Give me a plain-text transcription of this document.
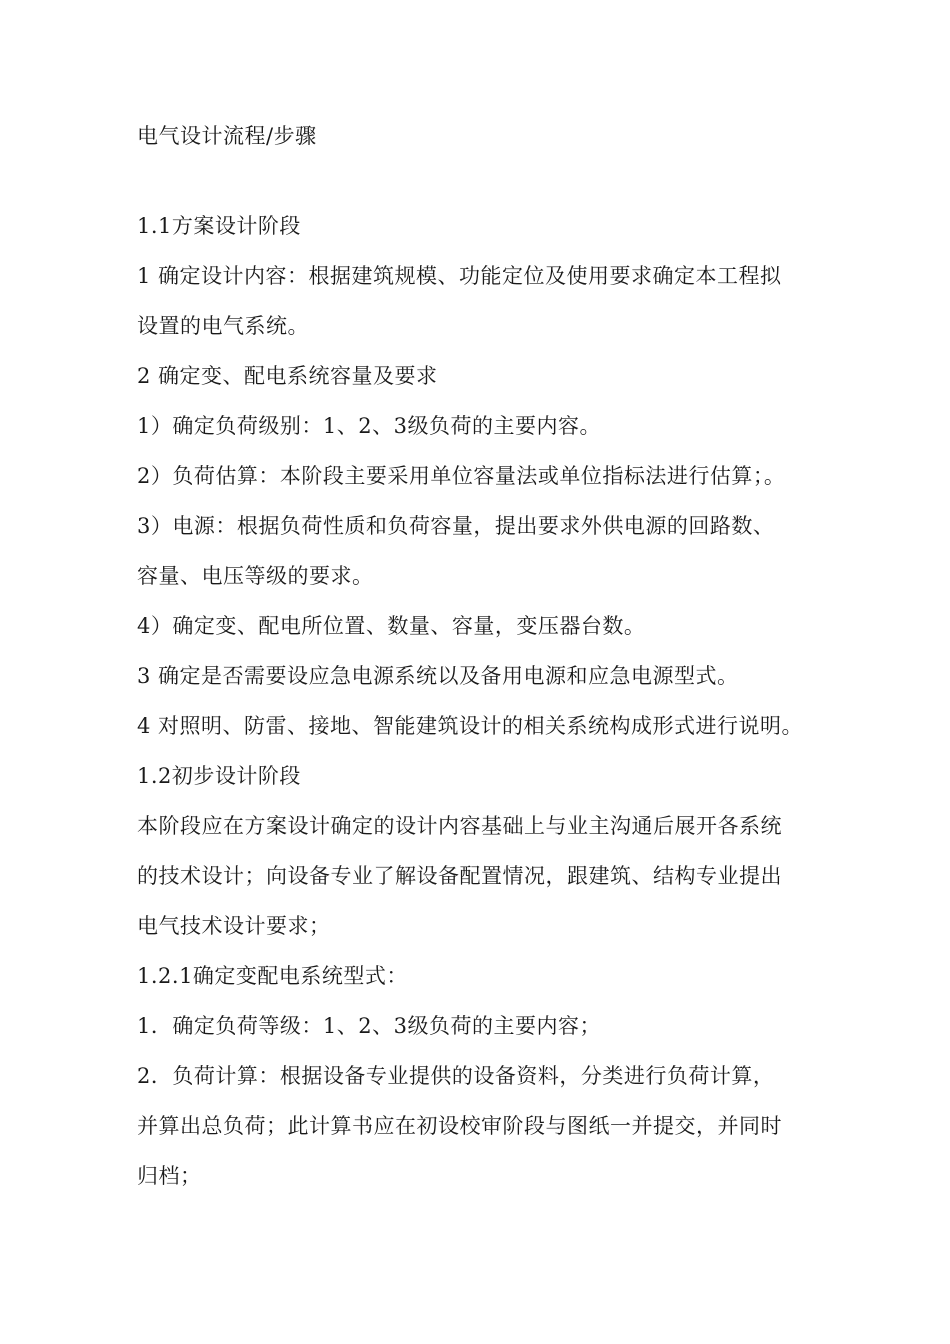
电气设计流程/步骤
1.1方案设计阶段
1 确定设计内容：根据建筑规模、功能定位及使用要求确定本工程拟
设置的电气系统。
2 确定变、配电系统容量及要求
1）确定负荷级别：1、2、3级负荷的主要内容。
2）负荷估算：本阶段主要采用单位容量法或单位指标法进行估算；。
3）电源：根据负荷性质和负荷容量，提出要求外供电源的回路数、
容量、电压等级的要求。
4）确定变、配电所位置、数量、容量，变压器台数。
3 确定是否需要设应急电源系统以及备用电源和应急电源型式。
4 对照明、防雷、接地、智能建筑设计的相关系统构成形式进行说明。
1.2初步设计阶段
本阶段应在方案设计确定的设计内容基础上与业主沟通后展开各系统
的技术设计；向设备专业了解设备配置情况，跟建筑、结构专业提出
电气技术设计要求；
1.2.1确定变配电系统型式：
1．确定负荷等级：1、2、3级负荷的主要内容；
2．负荷计算：根据设备专业提供的设备资料，分类进行负荷计算，
并算出总负荷；此计算书应在初设校审阶段与图纸一并提交，并同时
归档；
